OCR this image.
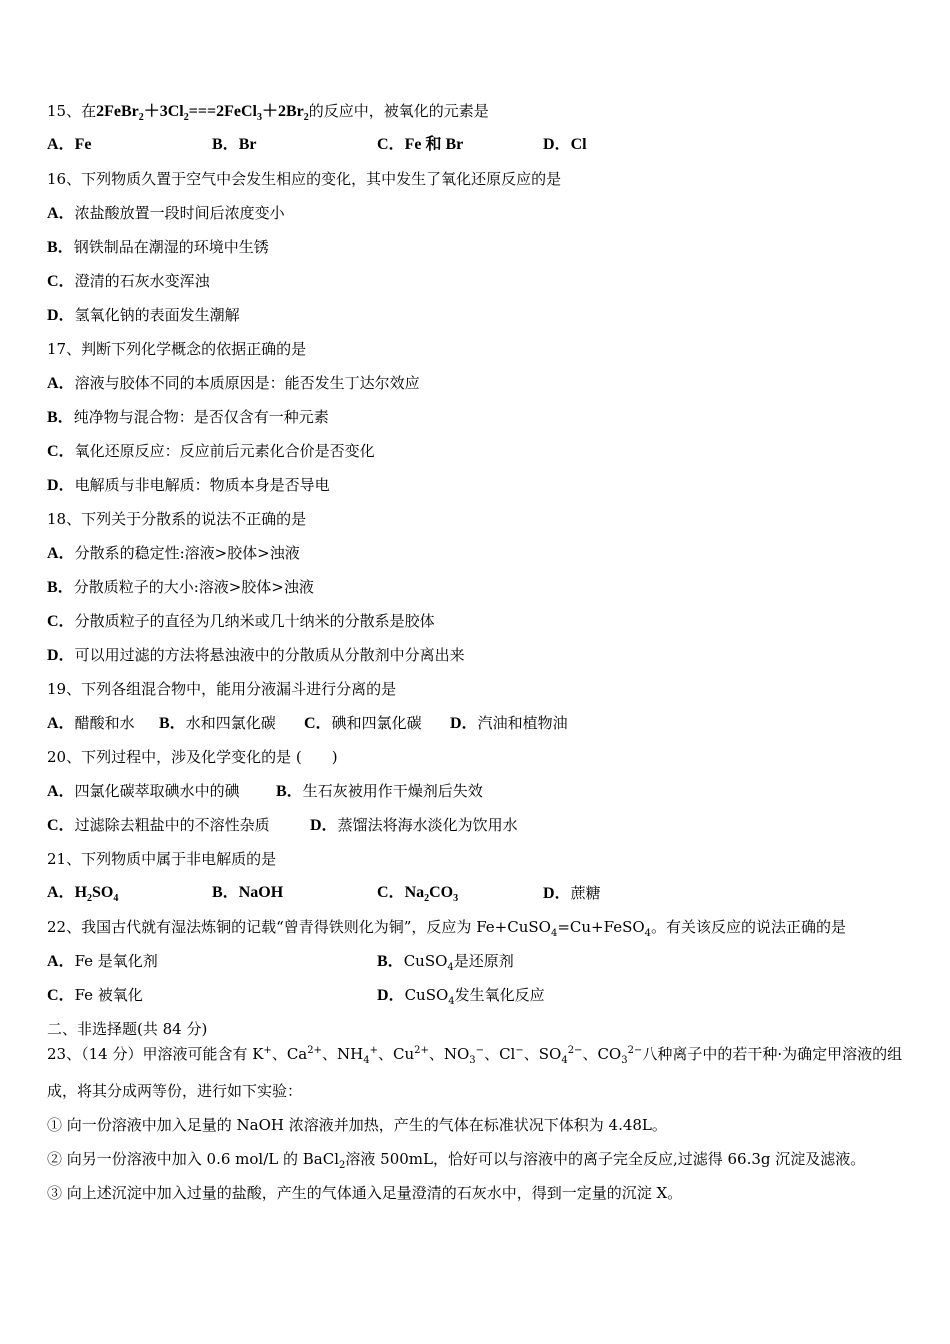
15、在$2FeBr_2+3Cl_2===2FeCl_3+2Br_2$的反应中，被氧化的元素是
A．Fe	B．Br	C．Fe 和 Br	D．Cl
16、下列物质久置于空气中会发生相应的变化，其中发生了氧化还原反应的是
A．浓盐酸放置一段时间后浓度变小
B．钢铁制品在潮湿的环境中生锈
C．澄清的石灰水变浑浊
D．氢氧化钠的表面发生潮解
17、判断下列化学概念的依据正确的是
A．溶液与胶体不同的本质原因是：能否发生丁达尔效应
B．纯净物与混合物：是否仅含有一种元素
C．氧化还原反应：反应前后元素化合价是否变化
D．电解质与非电解质：物质本身是否导电
18、下列关于分散系的说法不正确的是
A．分散系的稳定性:溶液>胶体>浊液
B．分散质粒子的大小:溶液>胶体>浊液
C．分散质粒子的直径为几纳米或几十纳米的分散系是胶体
D．可以用过滤的方法将悬浊液中的分散质从分散剂中分离出来
19、下列各组混合物中，能用分液漏斗进行分离的是
A．醋酸和水 B．水和四氯化碳 C．碘和四氯化碳 D．汽油和植物油
20、下列过程中，涉及化学变化的是 (　　)
A．四氯化碳萃取碘水中的碘 B．生石灰被用作干燥剂后失效
C．过滤除去粗盐中的不溶性杂质	D．蒸馏法将海水淡化为饮用水
21、下列物质中属于非电解质的是
A．$H_2SO_4$	B．NaOH	C．$Na_2CO_3$	D．蔗糖
22、我国古代就有湿法炼铜的记载“曾青得铁则化为铜”，反应为 Fe+CuSO$_4$=Cu+FeSO$_4$。有关该反应的说法正确的是
A．Fe 是氧化剂	B．CuSO$_4$是还原剂
C．Fe 被氧化	D．CuSO$_4$发生氧化反应
二、非选择题(共 84 分)
23、（14 分）甲溶液可能含有 K+、$Ca^{2+}$、$NH_4^+$、$Cu^{2+}$、$NO_3^-$、Cl−、$SO_4^{2-}$、$CO_3^{2-}$八种离子中的若干种·为确定甲溶液的组
成，将其分成两等份，进行如下实验：
① 向一份溶液中加入足量的 NaOH 浓溶液并加热，产生的气体在标准状况下体积为 4.48L。
② 向另一份溶液中加入 0.6 mol/L 的 BaCl$_2$溶液 500mL，恰好可以与溶液中的离子完全反应,过滤得 66.3g 沉淀及滤液。
③ 向上述沉淀中加入过量的盐酸，产生的气体通入足量澄清的石灰水中，得到一定量的沉淀 X。
